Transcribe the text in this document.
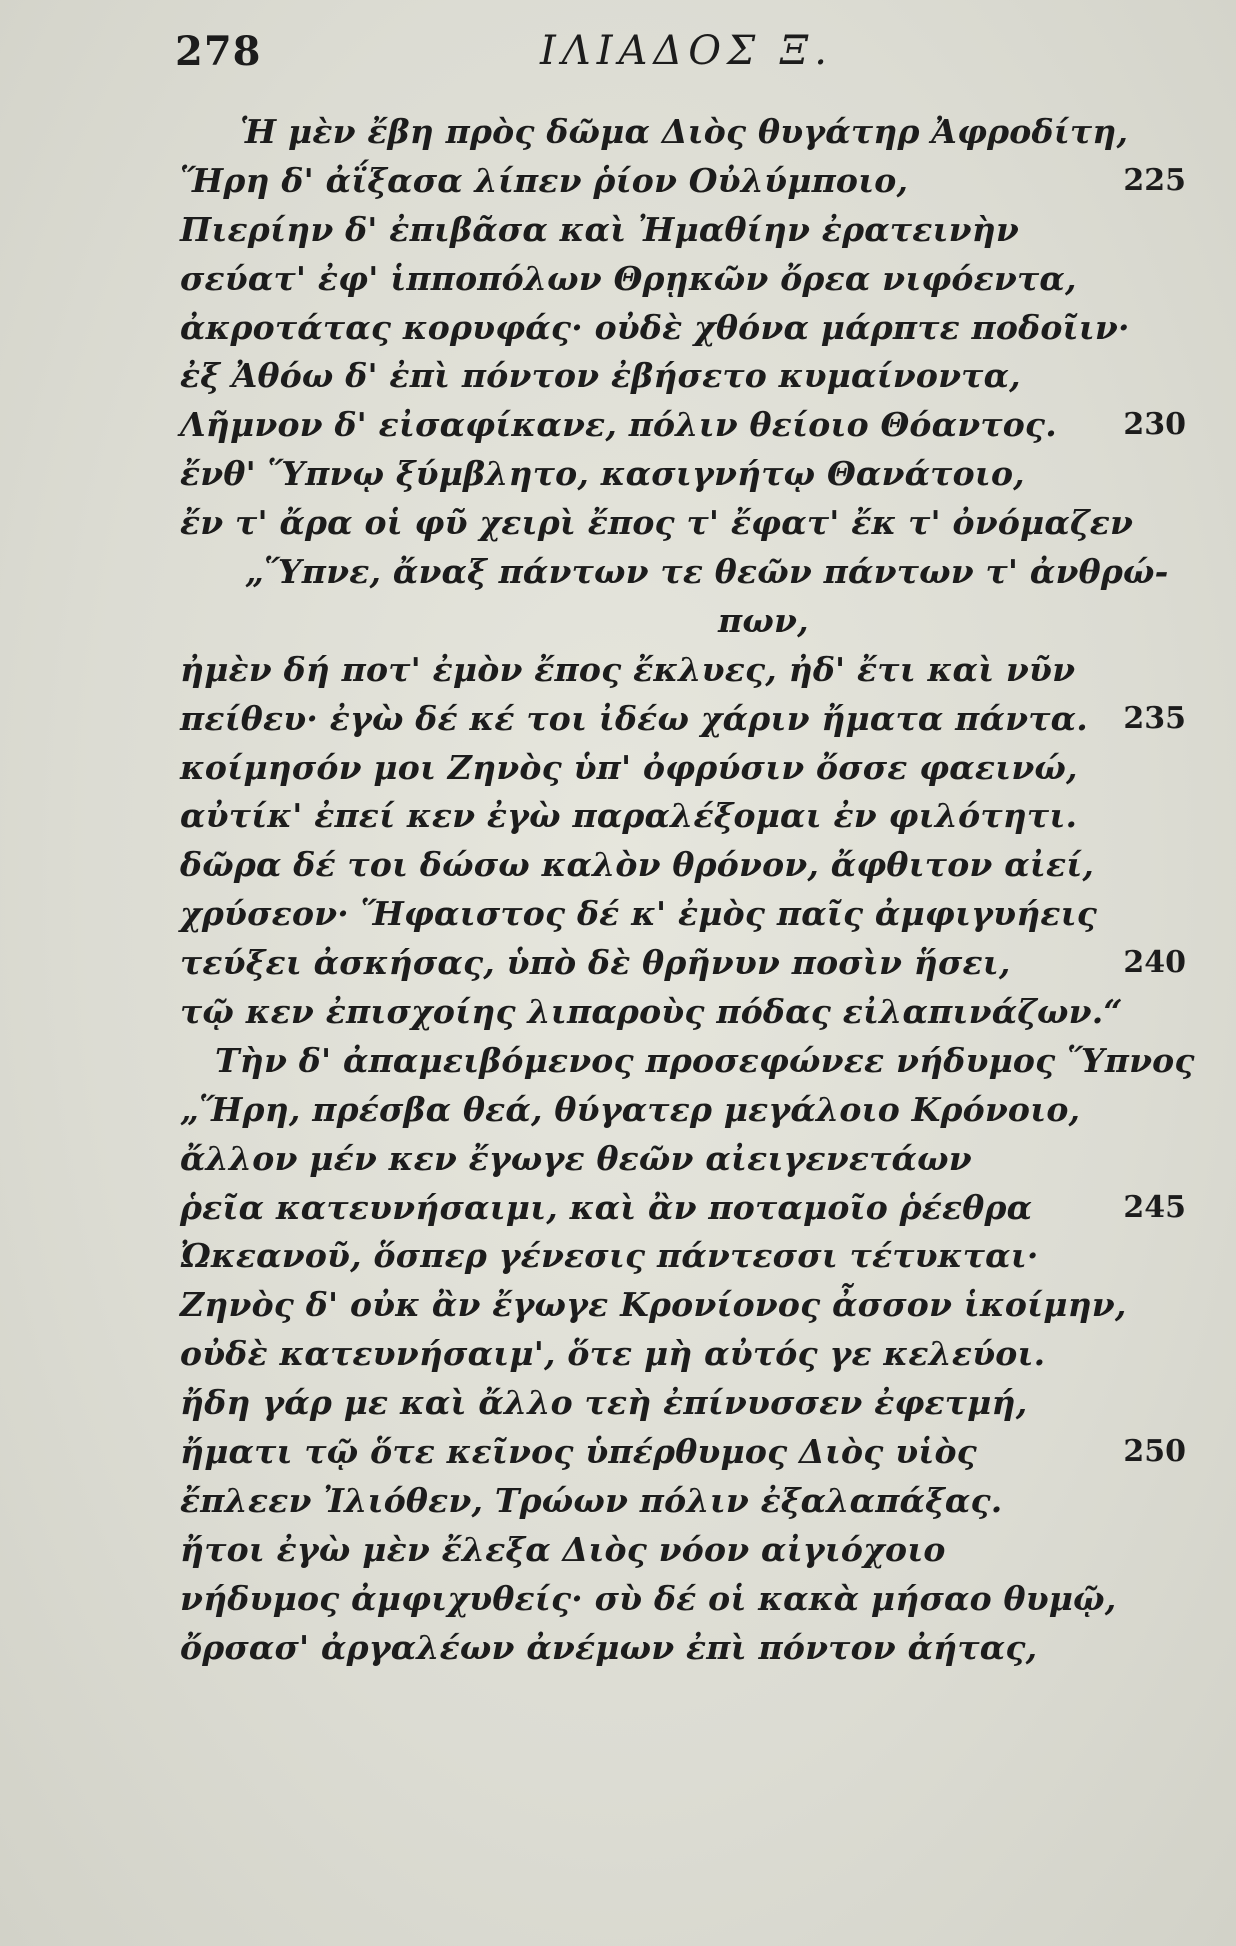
278	ΙΛΙΑΔΟΣ Ξ.
Ἡ μὲν ἔβη πρὸς δῶμα Διὸς θυγάτηρ Ἀφροδίτη,
Ἥρη δ' ἀΐξασα λίπεν ῥίον Οὐλύμποιο,	225
Πιερίην δ' ἐπιβᾶσα καὶ Ἠμαθίην ἐρατεινὴν
σεύατ' ἐφ' ἱπποπόλων Θρῃκῶν ὄρεα νιφόεντα,
ἀκροτάτας κορυφάς· οὐδὲ χθόνα μάρπτε ποδοῖιν·
ἐξ Ἀθόω δ' ἐπὶ πόντον ἐβήσετο κυμαίνοντα,
Λῆμνον δ' εἰσαφίκανε, πόλιν θείοιο Θόαντος. 230
ἔνθ' Ὕπνῳ ξύμβλητο, κασιγνήτῳ Θανάτοιο,
ἔν τ' ἄρα οἱ φῦ χειρὶ ἔπος τ' ἔφατ' ἔκ τ' ὀνόμαζεν
„Ὕπνε, ἄναξ πάντων τε θεῶν πάντων τ' ἀνθρώ-
πων,
ἠμὲν δή ποτ' ἐμὸν ἔπος ἔκλυες, ἠδ' ἔτι καὶ νῦν
πείθευ· ἐγὼ δέ κέ τοι ἰδέω χάριν ἤματα πάντα. 235
κοίμησόν μοι Ζηνὸς ὑπ' ὀφρύσιν ὄσσε φαεινώ,
αὐτίκ' ἐπεί κεν ἐγὼ παραλέξομαι ἐν φιλότητι.
δῶρα δέ τοι δώσω καλὸν θρόνον, ἄφθιτον αἰεί,
χρύσεον· Ἥφαιστος δέ κ' ἐμὸς παῖς ἀμφιγυήεις
τεύξει ἀσκήσας, ὑπὸ δὲ θρῆνυν ποσὶν ἥσει,	240
τῷ κεν ἐπισχοίης λιπαροὺς πόδας εἰλαπινάζων.“
Τὴν δ' ἀπαμειβόμενος προσεφώνεε νήδυμος Ὕπνος
„Ἥρη, πρέσβα θεά, θύγατερ μεγάλοιο Κρόνοιο,
ἄλλον μέν κεν ἔγωγε θεῶν αἰειγενετάων
ῥεῖα κατευνήσαιμι, καὶ ἂν ποταμοῖο ῥέεθρα	245
Ὠκεανοῦ, ὅσπερ γένεσις πάντεσσι τέτυκται·
Ζηνὸς δ' οὐκ ἂν ἔγωγε Κρονίονος ἆσσον ἱκοίμην,
οὐδὲ κατευνήσαιμ', ὅτε μὴ αὐτός γε κελεύοι.
ἤδη γάρ με καὶ ἄλλο τεὴ ἐπίνυσσεν ἐφετμή,
ἤματι τῷ ὅτε κεῖνος ὑπέρθυμος Διὸς υἱὸς	250
ἔπλεεν Ἰλιόθεν, Τρώων πόλιν ἐξαλαπάξας.
ἤτοι ἐγὼ μὲν ἔλεξα Διὸς νόον αἰγιόχοιο
νήδυμος ἀμφιχυθείς· σὺ δέ οἱ κακὰ μήσαο θυμῷ,
ὄρσασ' ἀργαλέων ἀνέμων ἐπὶ πόντον ἀήτας,
